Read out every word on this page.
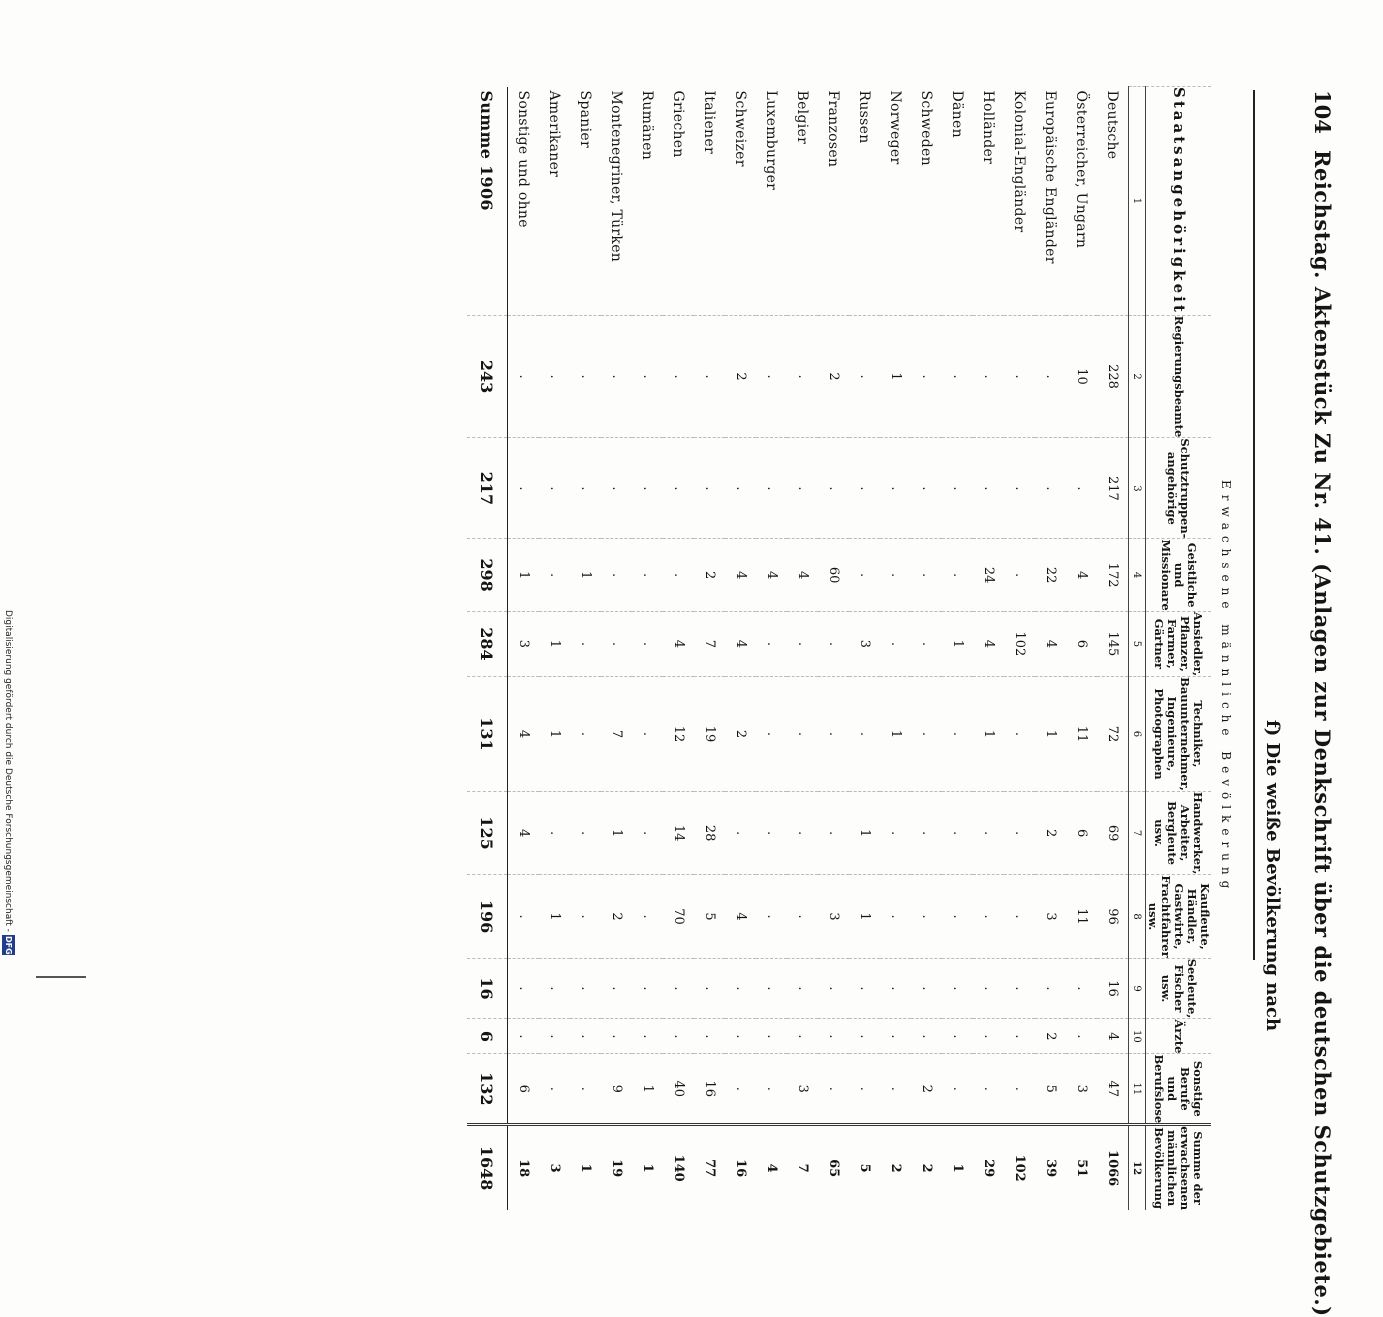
104
Reichstag. Aktenstück Zu Nr. 41. (Anlagen zur Denkschrift über die deutschen Schutzgebiete.)
f) Die weiße Bevölkerung nach
Erwachsene männliche Bevölkerung
Staatsangehörigkeit	Regierungsbeamte	Schutztruppen-angehörige	Geistliche und Missionare	Ansiedler, Pflanzer, Farmer, Gärtner	Techniker, Bauunternehmer, Ingenieure, Photographen	Handwerker, Arbeiter, Bergleute usw.	Kaufleute, Händler, Gastwirte, Frachtfahrer usw.	Seeleute, Fischer usw.	Ärzte	Sonstige Berufe und Berufslose	Summe der erwachsenen männlichen Bevölkerung
1	2	3	4	5	6	7	8	9	10	11	12
Deutsche	228	217	172	145	72	69	96	16	4	47	1066
Österreicher, Ungarn	10	.	4	6	11	6	11	.	.	3	51
Europäische Engländer	.	.	22	4	1	2	3	.	2	5	39
Kolonial-Engländer	.	.	.	102	.	.	.	.	.	.	102
Holländer	.	.	24	4	1	.	.	.	.	.	29
Dänen	.	.	.	1	.	.	.	.	.	.	1
Schweden	.	.	.	.	.	.	.	.	.	2	2
Norweger	1	.	.	.	1	.	.	.	.	.	2
Russen	.	.	.	3	.	1	1	.	.	.	5
Franzosen	2	.	60	.	.	.	3	.	.	.	65
Belgier	.	.	4	.	.	.	.	.	.	3	7
Luxemburger	.	.	4	.	.	.	.	.	.	.	4
Schweizer	2	.	4	4	2	.	4	.	.	.	16
Italiener	.	.	2	7	19	28	5	.	.	16	77
Griechen	.	.	.	4	12	14	70	.	.	40	140
Rumänen	.	.	.	.	.	.	.	.	.	1	1
Montenegriner, Türken	.	.	.	.	7	1	2	.	.	9	19
Spanier	.	.	1	.	.	.	.	.	.	.	1
Amerikaner	.	.	.	1	1	.	1	.	.	.	3
Sonstige und ohne	.	.	1	3	4	4	.	.	.	6	18
Summe 1906	243	217	298	284	131	125	196	16	6	132	1648
Digitalisierung gefördert durch die Deutsche Forschungsgemeinschaft - DFG
